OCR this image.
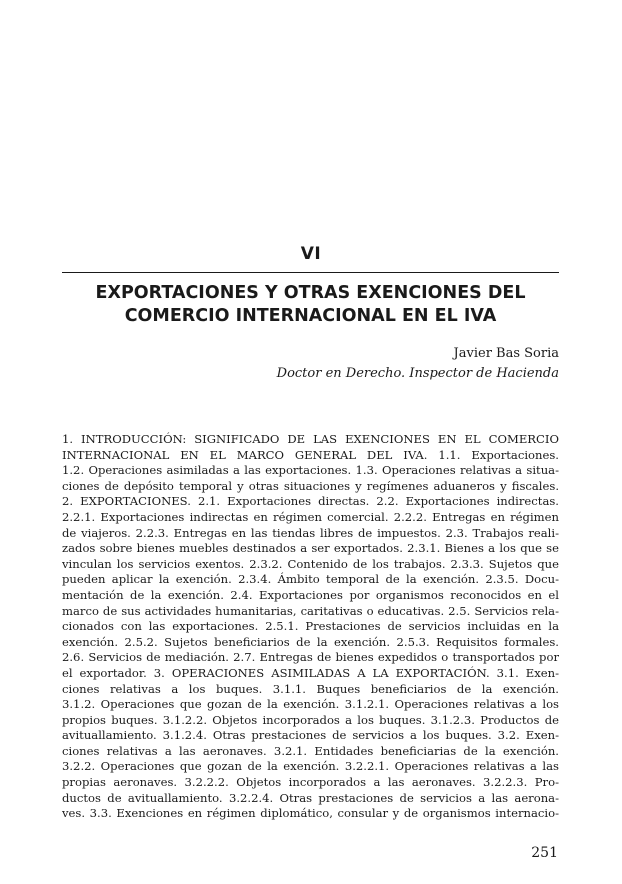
VI
EXPORTACIONES Y OTRAS EXENCIONES DEL
COMERCIO INTERNACIONAL EN EL IVA
Javier Bas Soria
Doctor en Derecho. Inspector de Hacienda
1. INTRODUCCIÓN: SIGNIFICADO DE LAS EXENCIONES EN EL COMERCIO
INTERNACIONAL EN EL MARCO GENERAL DEL IVA. 1.1. Exportaciones.
1.2. Operaciones asimiladas a las exportaciones. 1.3. Operaciones relativas a situa-
ciones de depósito temporal y otras situaciones y regímenes aduaneros y fiscales.
2. EXPORTACIONES. 2.1. Exportaciones directas. 2.2. Exportaciones indirectas.
2.2.1. Exportaciones indirectas en régimen comercial. 2.2.2. Entregas en régimen
de viajeros. 2.2.3. Entregas en las tiendas libres de impuestos. 2.3. Trabajos reali-
zados sobre bienes muebles destinados a ser exportados. 2.3.1. Bienes a los que se
vinculan los servicios exentos. 2.3.2. Contenido de los trabajos. 2.3.3. Sujetos que
pueden aplicar la exención. 2.3.4. Ámbito temporal de la exención. 2.3.5. Docu-
mentación de la exención. 2.4. Exportaciones por organismos reconocidos en el
marco de sus actividades humanitarias, caritativas o educativas. 2.5. Servicios rela-
cionados con las exportaciones. 2.5.1. Prestaciones de servicios incluidas en la
exención. 2.5.2. Sujetos beneficiarios de la exención. 2.5.3. Requisitos formales.
2.6. Servicios de mediación. 2.7. Entregas de bienes expedidos o transportados por
el exportador. 3. OPERACIONES ASIMILADAS A LA EXPORTACIÓN. 3.1. Exen-
ciones relativas a los buques. 3.1.1. Buques beneficiarios de la exención.
3.1.2. Operaciones que gozan de la exención. 3.1.2.1. Operaciones relativas a los
propios buques. 3.1.2.2. Objetos incorporados a los buques. 3.1.2.3. Productos de
avituallamiento. 3.1.2.4. Otras prestaciones de servicios a los buques. 3.2. Exen-
ciones relativas a las aeronaves. 3.2.1. Entidades beneficiarias de la exención.
3.2.2. Operaciones que gozan de la exención. 3.2.2.1. Operaciones relativas a las
propias aeronaves. 3.2.2.2. Objetos incorporados a las aeronaves. 3.2.2.3. Pro-
ductos de avituallamiento. 3.2.2.4. Otras prestaciones de servicios a las aerona-
ves. 3.3. Exenciones en régimen diplomático, consular y de organismos internacio-
251
